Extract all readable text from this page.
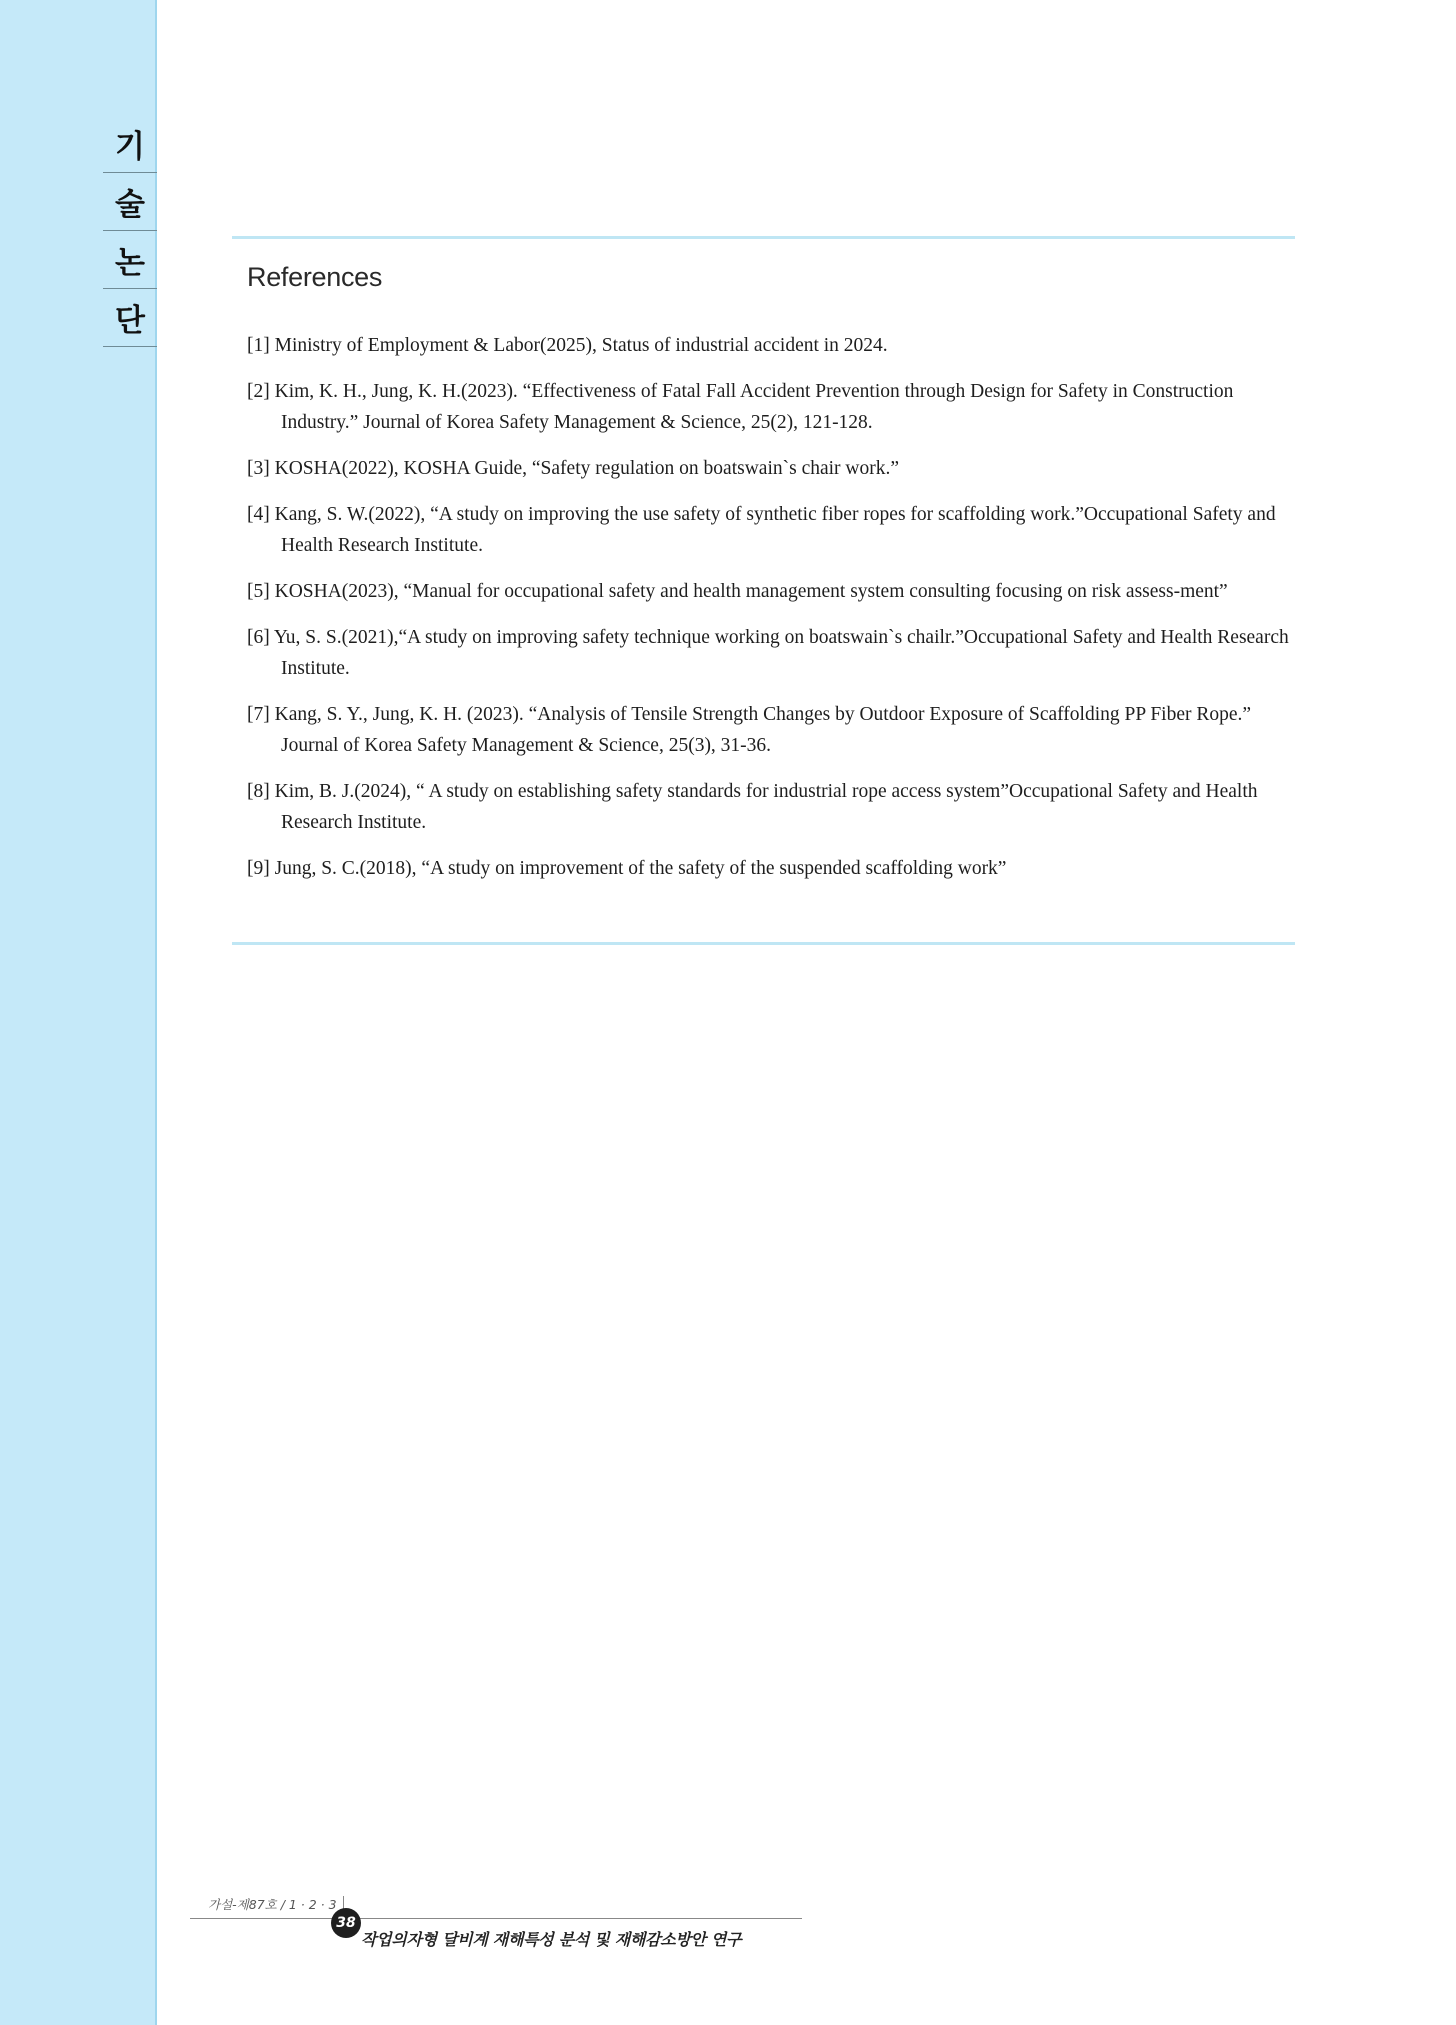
기
술
논
단
References
[1] Ministry of Employment & Labor(2025), Status of industrial accident in 2024.
[2] Kim, K. H., Jung, K. H.(2023). “Effectiveness of Fatal Fall Accident Prevention through Design for Safety in Construction Industry.” Journal of Korea Safety Management & Science, 25(2), 121-128.
[3] KOSHA(2022), KOSHA Guide, “Safety regulation on boatswain`s chair work.”
[4] Kang, S. W.(2022), “A study on improving the use safety of synthetic fiber ropes for scaffolding work.”Occupational Safety and Health Research Institute.
[5] KOSHA(2023), “Manual for occupational safety and health management system consulting focusing on risk assess-ment”
[6] Yu, S. S.(2021),“A study on improving safety technique working on boatswain`s chailr.”Occupational Safety and Health Research Institute.
[7] Kang, S. Y., Jung, K. H. (2023). “Analysis of Tensile Strength Changes by Outdoor Exposure of Scaffolding PP Fiber Rope.” Journal of Korea Safety Management & Science, 25(3), 31-36.
[8] Kim, B. J.(2024), “ A study on establishing safety standards for industrial rope access system”Occupational Safety and Health Research Institute.
[9] Jung, S. C.(2018), “A study on improvement of the safety of the suspended scaffolding work”
가설-제87호 / 1 · 2 · 3
38
작업의자형 달비계 재해특성 분석 및 재해감소방안 연구
